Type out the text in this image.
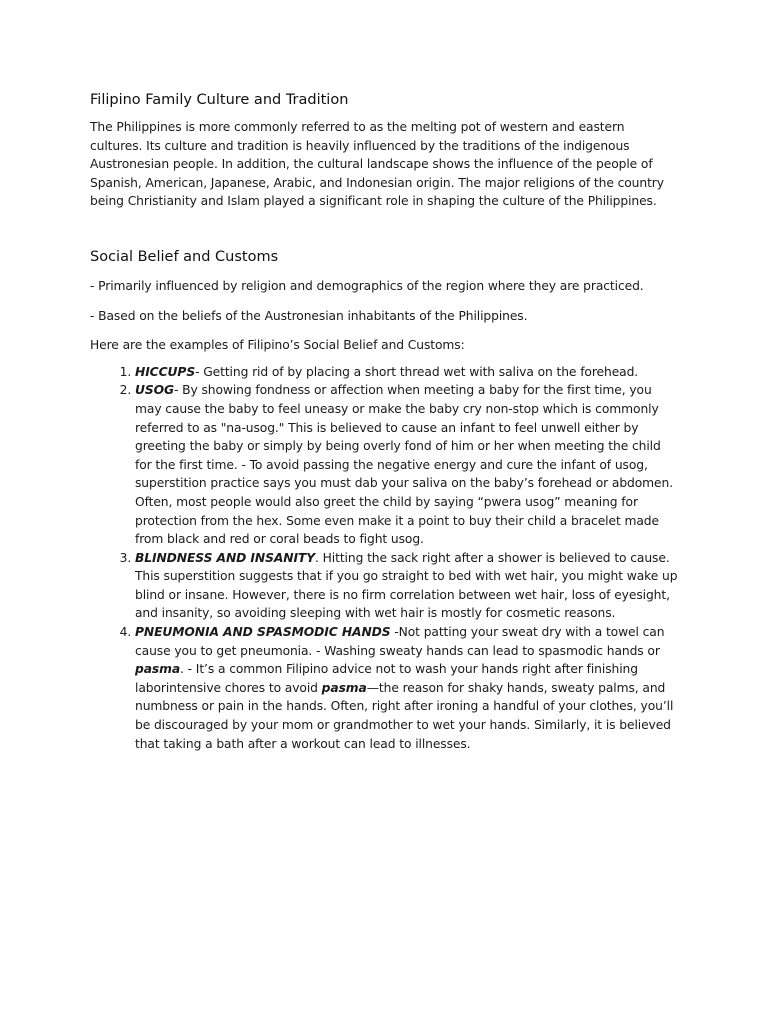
Filipino Family Culture and Tradition

The Philippines is more commonly referred to as the melting pot of western and eastern cultures. Its culture and tradition is heavily influenced by the traditions of the indigenous Austronesian people. In addition, the cultural landscape shows the influence of the people of Spanish, American, Japanese, Arabic, and Indonesian origin. The major religions of the country being Christianity and Islam played a significant role in shaping the culture of the Philippines.

Social Belief and Customs

- Primarily influenced by religion and demographics of the region where they are practiced.

- Based on the beliefs of the Austronesian inhabitants of the Philippines.

Here are the examples of Filipino’s Social Belief and Customs:

1. HICCUPS- Getting rid of by placing a short thread wet with saliva on the forehead.
2. USOG- By showing fondness or affection when meeting a baby for the first time, you may cause the baby to feel uneasy or make the baby cry non-stop which is commonly referred to as "na-usog." This is believed to cause an infant to feel unwell either by greeting the baby or simply by being overly fond of him or her when meeting the child for the first time. - To avoid passing the negative energy and cure the infant of usog, superstition practice says you must dab your saliva on the baby’s forehead or abdomen. Often, most people would also greet the child by saying “pwera usog” meaning for protection from the hex. Some even make it a point to buy their child a bracelet made from black and red or coral beads to fight usog.
3. BLINDNESS AND INSANITY. Hitting the sack right after a shower is believed to cause. This superstition suggests that if you go straight to bed with wet hair, you might wake up blind or insane. However, there is no firm correlation between wet hair, loss of eyesight, and insanity, so avoiding sleeping with wet hair is mostly for cosmetic reasons.
4. PNEUMONIA AND SPASMODIC HANDS -Not patting your sweat dry with a towel can cause you to get pneumonia. - Washing sweaty hands can lead to spasmodic hands or pasma. - It’s a common Filipino advice not to wash your hands right after finishing laborintensive chores to avoid pasma—the reason for shaky hands, sweaty palms, and numbness or pain in the hands. Often, right after ironing a handful of your clothes, you’ll be discouraged by your mom or grandmother to wet your hands. Similarly, it is believed that taking a bath after a workout can lead to illnesses.
